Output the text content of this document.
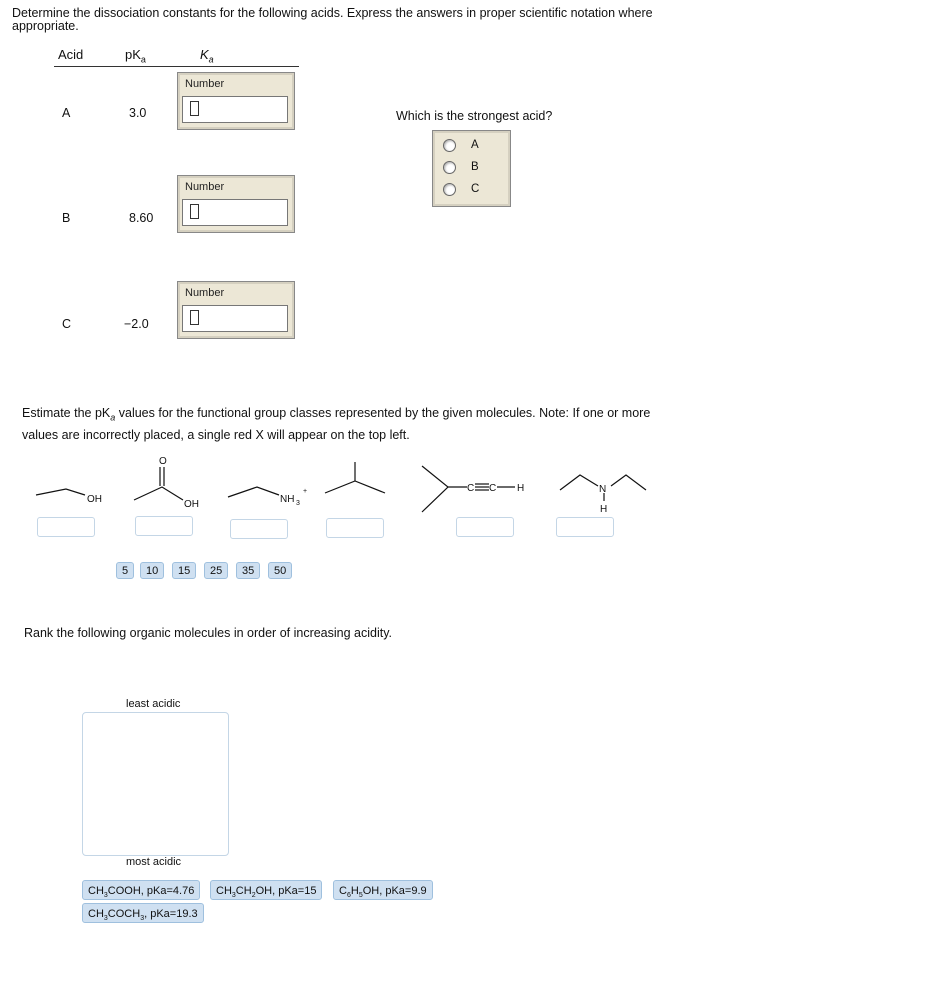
Determine the dissociation constants for the following acids. Express the answers in proper scientific notation where appropriate.
Acid	$pK_a$	$K_a$
A	3.0
Number
B	8.60
Number
C	−2.0
Number
Which is the strongest acid?
A
B
C
Estimate the $pK_a$ values for the functional group classes represented by the given molecules. Note: If one or more values are incorrectly placed, a single red X will appear on the top left.
OH
O
OH	NH 3
+	C C H	N
H
5	10	15	25	35	50
Rank the following organic molecules in order of increasing acidity.
least acidic
most acidic
$CH_3COOH$, pKa=4.76	$CH_3CH_2OH$, pKa=15	$C_6H_5OH$, pKa=9.9
$CH_3COCH_3$, pKa=19.3
